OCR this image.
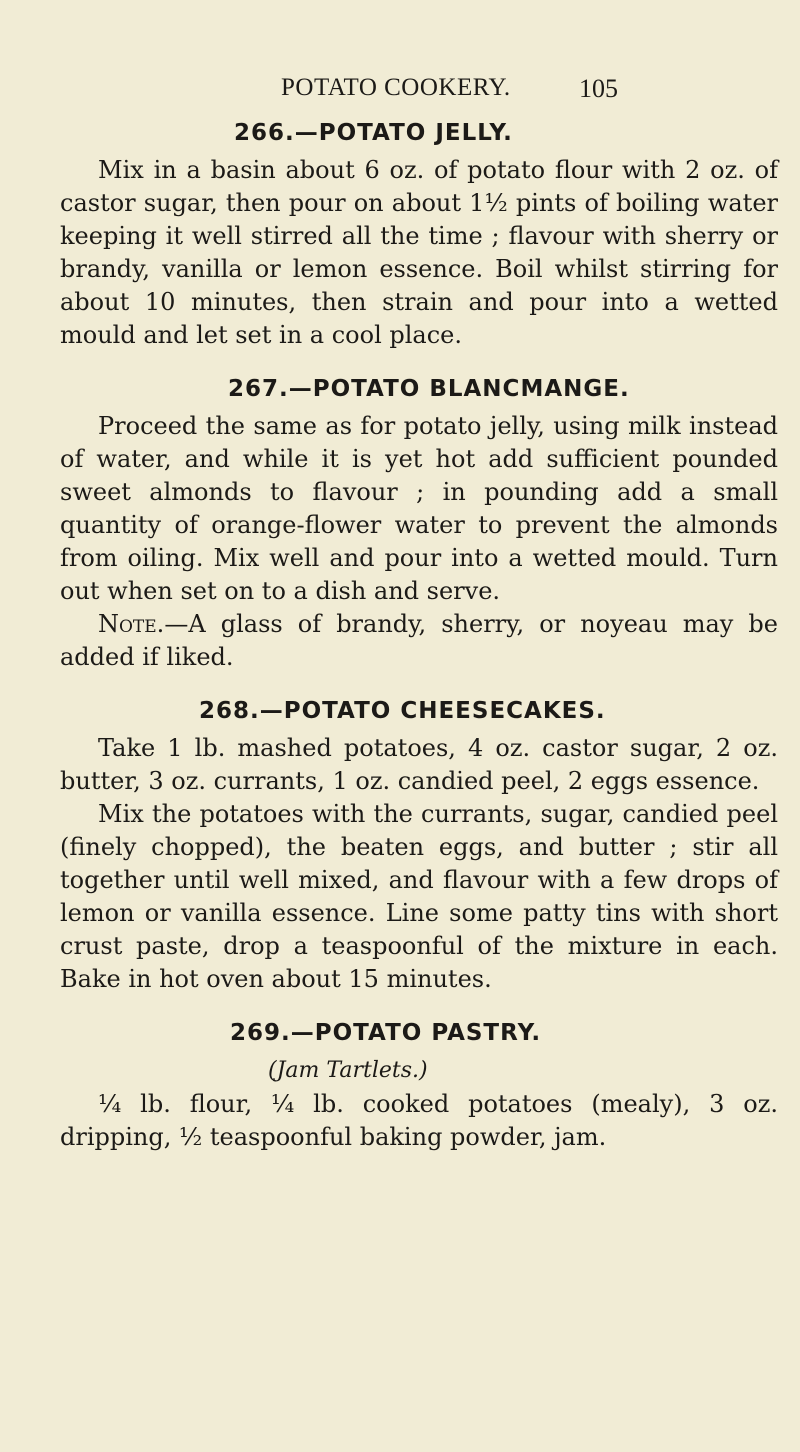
POTATO COOKERY.	105
266.—POTATO JELLY.

Mix in a basin about 6 oz. of potato flour with 2 oz. of castor sugar, then pour on about 1½ pints of boiling water keeping it well stirred all the time ; flavour with sherry or brandy, vanilla or lemon essence. Boil whilst stirring for about 10 minutes, then strain and pour into a wetted mould and let set in a cool place.

267.—POTATO BLANCMANGE.

Proceed the same as for potato jelly, using milk instead of water, and while it is yet hot add sufficient pounded sweet almonds to flavour ; in pounding add a small quantity of orange-flower water to prevent the almonds from oiling. Mix well and pour into a wetted mould. Turn out when set on to a dish and serve.

Note.—A glass of brandy, sherry, or noyeau may be added if liked.

268.—POTATO CHEESECAKES.

Take 1 lb. mashed potatoes, 4 oz. castor sugar, 2 oz. butter, 3 oz. currants, 1 oz. candied peel, 2 eggs essence.

Mix the potatoes with the currants, sugar, candied peel (finely chopped), the beaten eggs, and butter ; stir all together until well mixed, and flavour with a few drops of lemon or vanilla essence. Line some patty tins with short crust paste, drop a teaspoonful of the mixture in each. Bake in hot oven about 15 minutes.

269.—POTATO PASTRY.
(Jam Tartlets.)

¼ lb. flour, ¼ lb. cooked potatoes (mealy), 3 oz. dripping, ½ teaspoonful baking powder, jam.
